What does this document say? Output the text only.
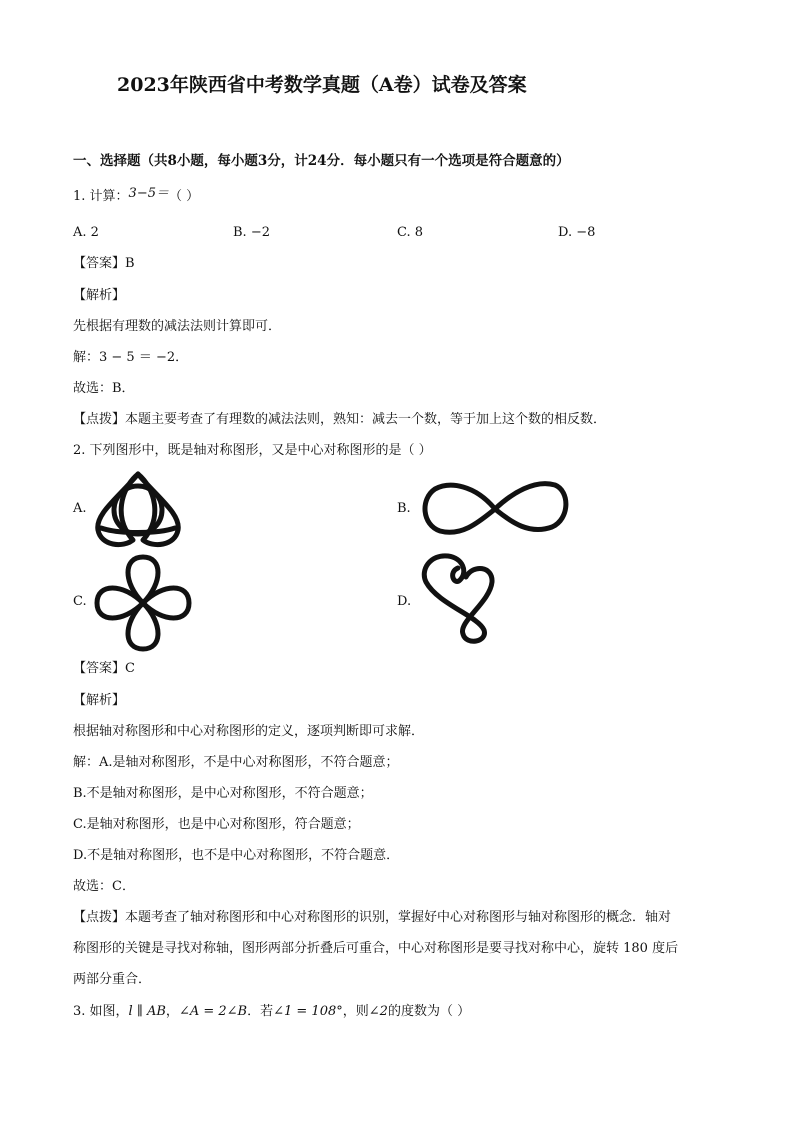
2023年陕西省中考数学真题（A卷）试卷及答案
一、选择题（共8小题，每小题3分，计24分．每小题只有一个选项是符合题意的）
1. 计算：3−5＝（ ）
A. 2	B. −2	C. 8	D. −8
【答案】B
【解析】
先根据有理数的减法法则计算即可．
解：3 − 5 ＝ −2．
故选：B．
【点拨】本题主要考查了有理数的减法法则，熟知：减去一个数，等于加上这个数的相反数．
2. 下列图形中，既是轴对称图形，又是中心对称图形的是（ ）
A.	B.
C.	D.
【答案】C
【解析】
根据轴对称图形和中心对称图形的定义，逐项判断即可求解．
解：A.是轴对称图形，不是中心对称图形，不符合题意；
B.不是轴对称图形，是中心对称图形，不符合题意；
C.是轴对称图形，也是中心对称图形，符合题意；
D.不是轴对称图形，也不是中心对称图形，不符合题意．
故选：C．
【点拨】本题考查了轴对称图形和中心对称图形的识别，掌握好中心对称图形与轴对称图形的概念．轴对
称图形的关键是寻找对称轴，图形两部分折叠后可重合，中心对称图形是要寻找对称中心，旋转 180 度后
两部分重合．
3. 如图，l ∥ AB，∠A = 2∠B．若∠1 = 108°，则∠2的度数为（ ）
